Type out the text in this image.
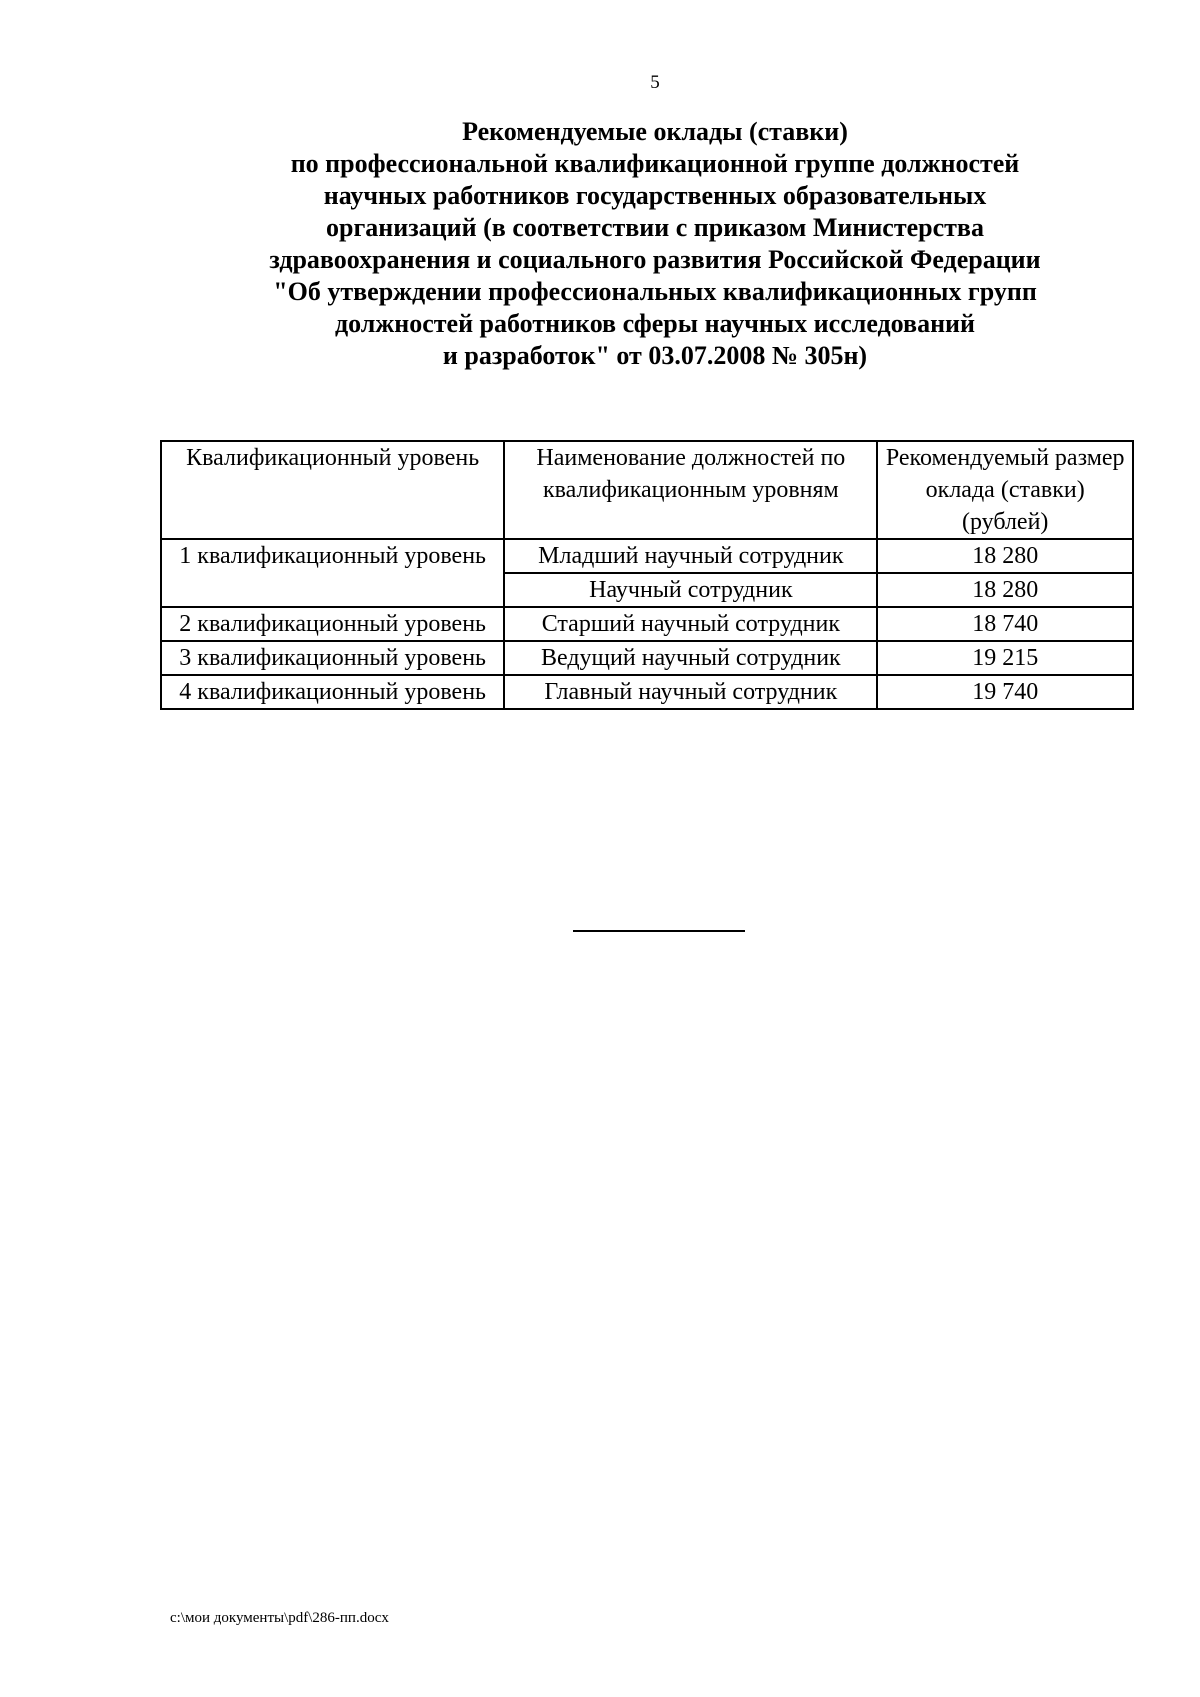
5
Рекомендуемые оклады (ставки)
по профессиональной квалификационной группе должностей
научных работников государственных образовательных
организаций (в соответствии с приказом Министерства
здравоохранения и социального развития Российской Федерации
"Об утверждении профессиональных квалификационных групп
должностей работников сферы научных исследований
и разработок" от 03.07.2008 № 305н)
Квалификационный уровень	Наименование должностей по квалификационным уровням	Рекомендуемый размер оклада (ставки) (рублей)
1 квалификационный уровень	Младший научный сотрудник	18 280
	Научный сотрудник	18 280
2 квалификационный уровень	Старший научный сотрудник	18 740
3 квалификационный уровень	Ведущий научный сотрудник	19 215
4 квалификационный уровень	Главный научный сотрудник	19 740
c:\мои документы\pdf\286-пп.docx
